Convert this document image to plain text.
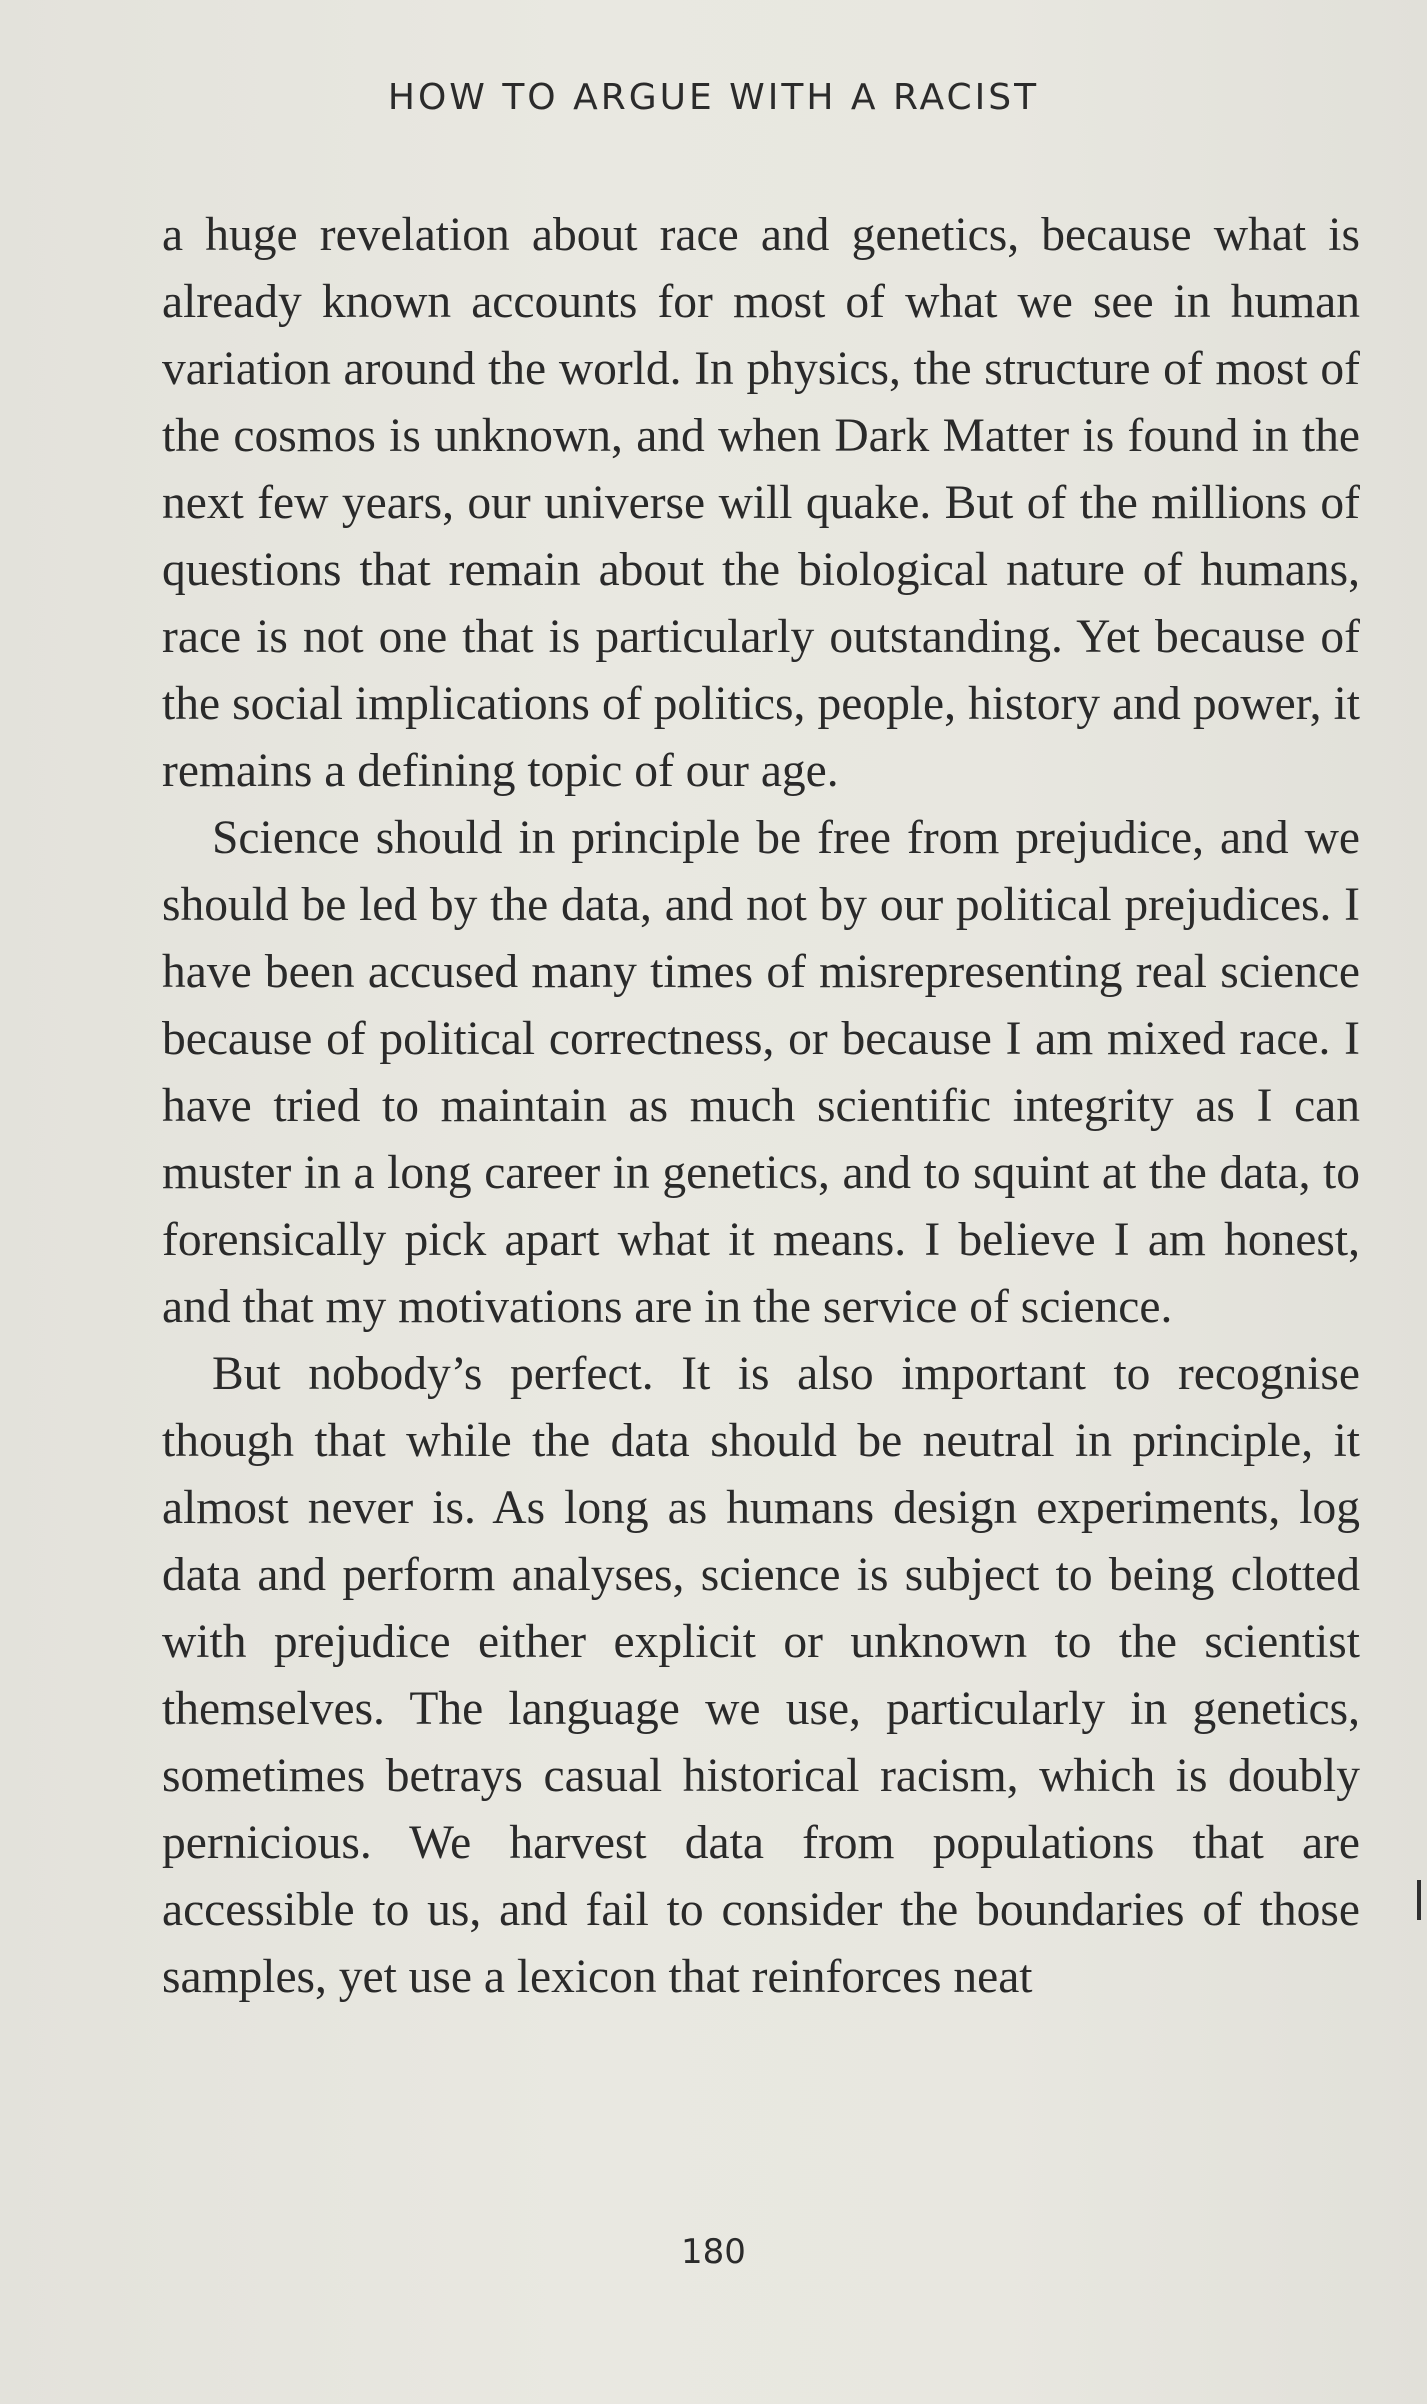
HOW TO ARGUE WITH A RACIST

a huge revelation about race and genetics, because what is already known accounts for most of what we see in human variation around the world. In physics, the structure of most of the cosmos is unknown, and when Dark Matter is found in the next few years, our universe will quake. But of the millions of questions that remain about the biological nature of humans, race is not one that is particularly outstanding. Yet because of the social implications of politics, people, history and power, it remains a defining topic of our age.

Science should in principle be free from prejudice, and we should be led by the data, and not by our political prejudices. I have been accused many times of misrepresenting real science because of political correctness, or because I am mixed race. I have tried to maintain as much scientific integrity as I can muster in a long career in genetics, and to squint at the data, to forensically pick apart what it means. I believe I am honest, and that my motivations are in the service of science.

But nobody’s perfect. It is also important to recognise though that while the data should be neutral in principle, it almost never is. As long as humans design experiments, log data and perform analyses, science is subject to being clotted with prejudice either explicit or unknown to the scientist themselves. The language we use, particularly in genetics, sometimes betrays casual historical racism, which is doubly pernicious. We harvest data from populations that are accessible to us, and fail to consider the boundaries of those samples, yet use a lexicon that reinforces neat

180
